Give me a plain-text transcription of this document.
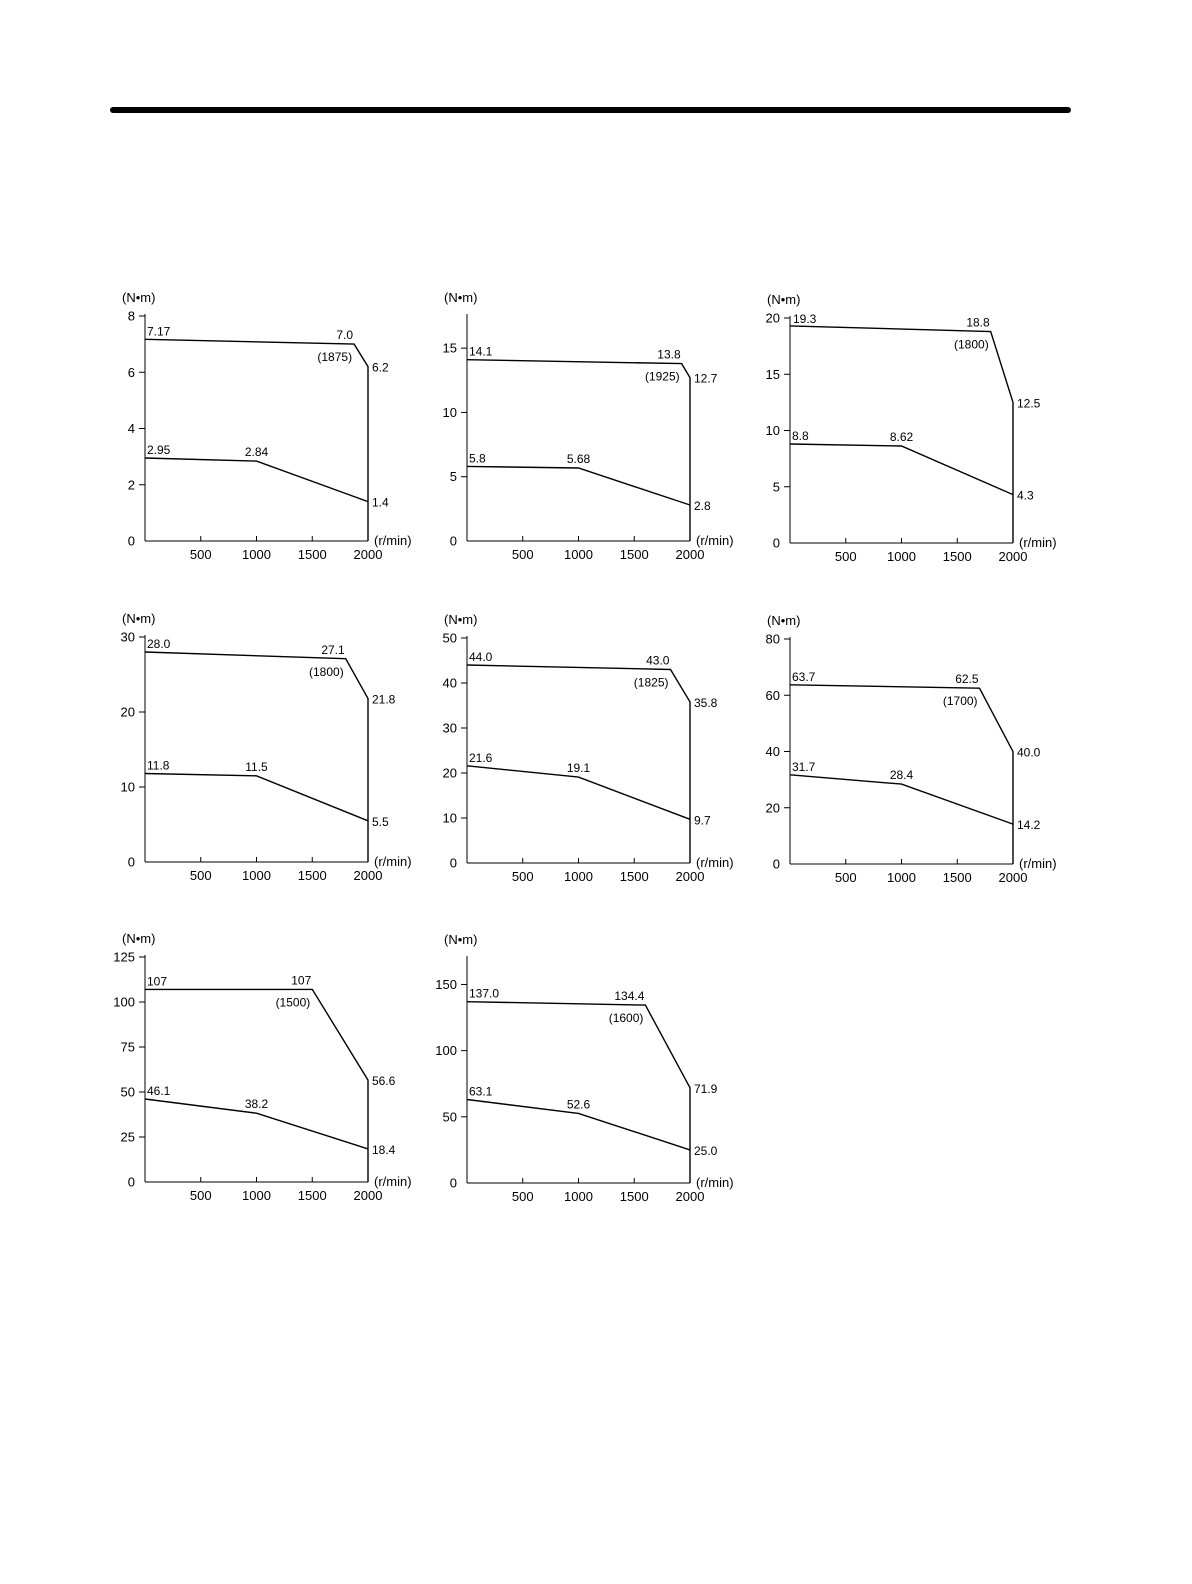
0
2
4
6
8
500 1000 1500 2000
(N•m)
(r/min)
7.17	7.0
(1875)
6.2
2.95	2.84
1.4
0
5
10
15
500 1000 1500 2000
(N•m)
(r/min)
14.1	13.8
(1925) 12.7
5.8	5.68
2.8
0
5
10
15
20
500 1000 1500 2000
(N•m)
(r/min)
19.3	18.8
(1800)
12.5
8.8	8.62
4.3
0
10
20
30
500 1000 1500 2000
(N•m)
(r/min)
28.0	27.1
(1800)
21.8
11.8	11.5
5.5
0
10
20
30
40
50
500 1000 1500 2000
(N•m)
(r/min)
44.0	43.0
(1825)
35.8
21.6
19.1
9.7
0
20
40
60
80
500 1000 1500 2000
(N•m)
(r/min)
63.7	62.5
(1700)
40.0
31.7
28.4
14.2
0
25
50
75
100
125
500 1000 1500 2000
(N•m)
(r/min)
107	107
(1500)
56.6
46.1
38.2
18.4
0
50
100
150
500 1000 1500 2000
(N•m)
(r/min)
137.0	134.4
(1600)
71.9
63.1
52.6
25.0
